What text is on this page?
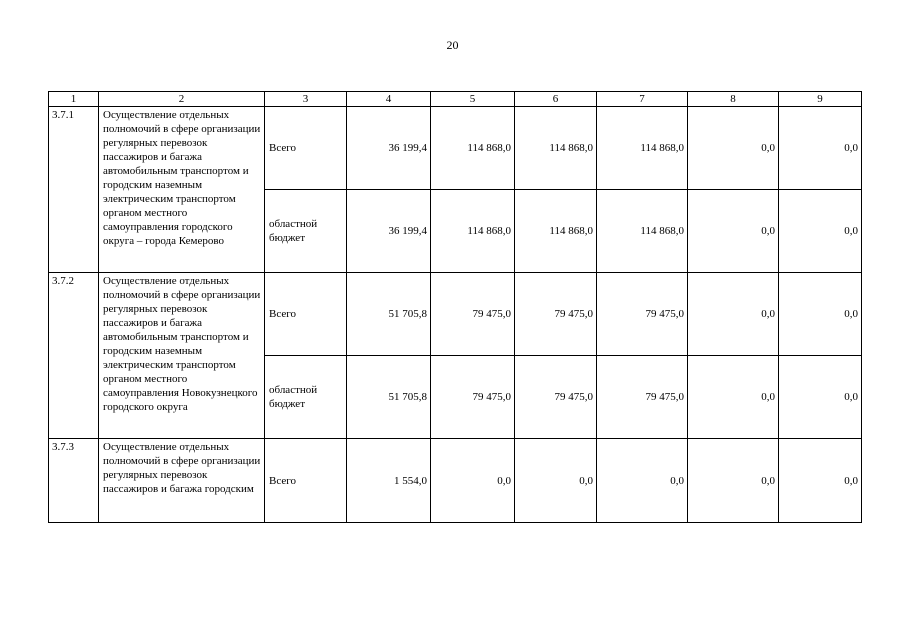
20
1	2	3	4	5	6	7	8	9
3.7.1	Осуществление отдельных полномочий в сфере организации регулярных перевозок пассажиров и багажа автомобильным транспортом и городским наземным электрическим транспортом органом местного самоуправления городского округа – города Кемерово	Всего	36 199,4	114 868,0	114 868,0	114 868,0	0,0	0,0
		областной бюджет	36 199,4	114 868,0	114 868,0	114 868,0	0,0	0,0
3.7.2	Осуществление отдельных полномочий в сфере организации регулярных перевозок пассажиров и багажа автомобильным транспортом и городским наземным электрическим транспортом органом местного самоуправления Новокузнецкого городского округа	Всего	51 705,8	79 475,0	79 475,0	79 475,0	0,0	0,0
		областной бюджет	51 705,8	79 475,0	79 475,0	79 475,0	0,0	0,0
3.7.3	Осуществление отдельных полномочий в сфере организации регулярных перевозок пассажиров и багажа городским	Всего	1 554,0	0,0	0,0	0,0	0,0	0,0
